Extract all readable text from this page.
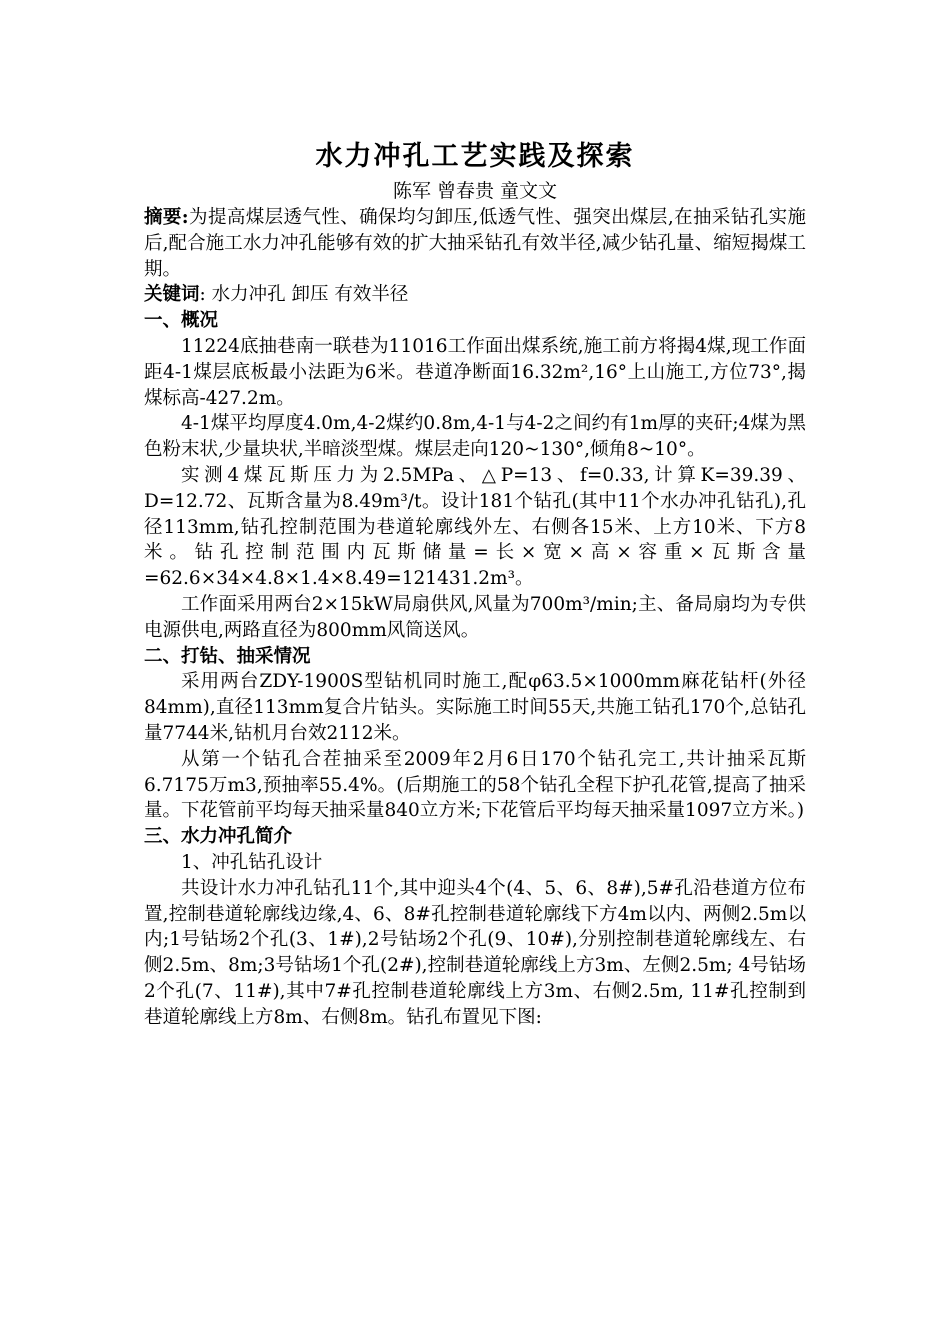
水力冲孔工艺实践及探索
陈军 曾春贵 童文文

摘要:为提高煤层透气性、确保均匀卸压,低透气性、强突出煤层,在抽采钻孔实施后,配合施工水力冲孔能够有效的扩大抽采钻孔有效半径,减少钻孔量、缩短揭煤工期。

关键词: 水力冲孔 卸压 有效半径

一、概况

11224底抽巷南一联巷为11016工作面出煤系统,施工前方将揭4煤,现工作面距4-1煤层底板最小法距为6米。巷道净断面16.32m²,16°上山施工,方位73°,揭煤标高-427.2m。

4-1煤平均厚度4.0m,4-2煤约0.8m,4-1与4-2之间约有1m厚的夹矸;4煤为黑色粉末状,少量块状,半暗淡型煤。煤层走向120~130°,倾角8~10°。

实测4煤瓦斯压力为2.5MPa、△P=13、f=0.33,计算K=39.39、D=12.72、瓦斯含量为8.49m³/t。设计181个钻孔(其中11个水办冲孔钻孔),孔径113mm,钻孔控制范围为巷道轮廓线外左、右侧各15米、上方10米、下方8米。钻孔控制范围内瓦斯储量=长×宽×高×容重×瓦斯含量=62.6×34×4.8×1.4×8.49=121431.2m³。

工作面采用两台2×15kW局扇供风,风量为700m³/min;主、备局扇均为专供电源供电,两路直径为800mm风筒送风。

二、打钻、抽采情况

采用两台ZDY-1900S型钻机同时施工,配φ63.5×1000mm麻花钻杆(外径84mm),直径113mm复合片钻头。实际施工时间55天,共施工钻孔170个,总钻孔量7744米,钻机月台效2112米。

从第一个钻孔合茬抽采至2009年2月6日170个钻孔完工,共计抽采瓦斯6.7175万m3,预抽率55.4%。(后期施工的58个钻孔全程下护孔花管,提高了抽采量。下花管前平均每天抽采量840立方米;下花管后平均每天抽采量1097立方米。)

三、水力冲孔简介

1、冲孔钻孔设计

共设计水力冲孔钻孔11个,其中迎头4个(4、5、6、8#),5#孔沿巷道方位布置,控制巷道轮廓线边缘,4、6、8#孔控制巷道轮廓线下方4m以内、两侧2.5m以内;1号钻场2个孔(3、1#),2号钻场2个孔(9、10#),分别控制巷道轮廓线左、右侧2.5m、8m;3号钻场1个孔(2#),控制巷道轮廓线上方3m、左侧2.5m; 4号钻场2个孔(7、11#),其中7#孔控制巷道轮廓线上方3m、右侧2.5m, 11#孔控制到巷道轮廓线上方8m、右侧8m。钻孔布置见下图:
